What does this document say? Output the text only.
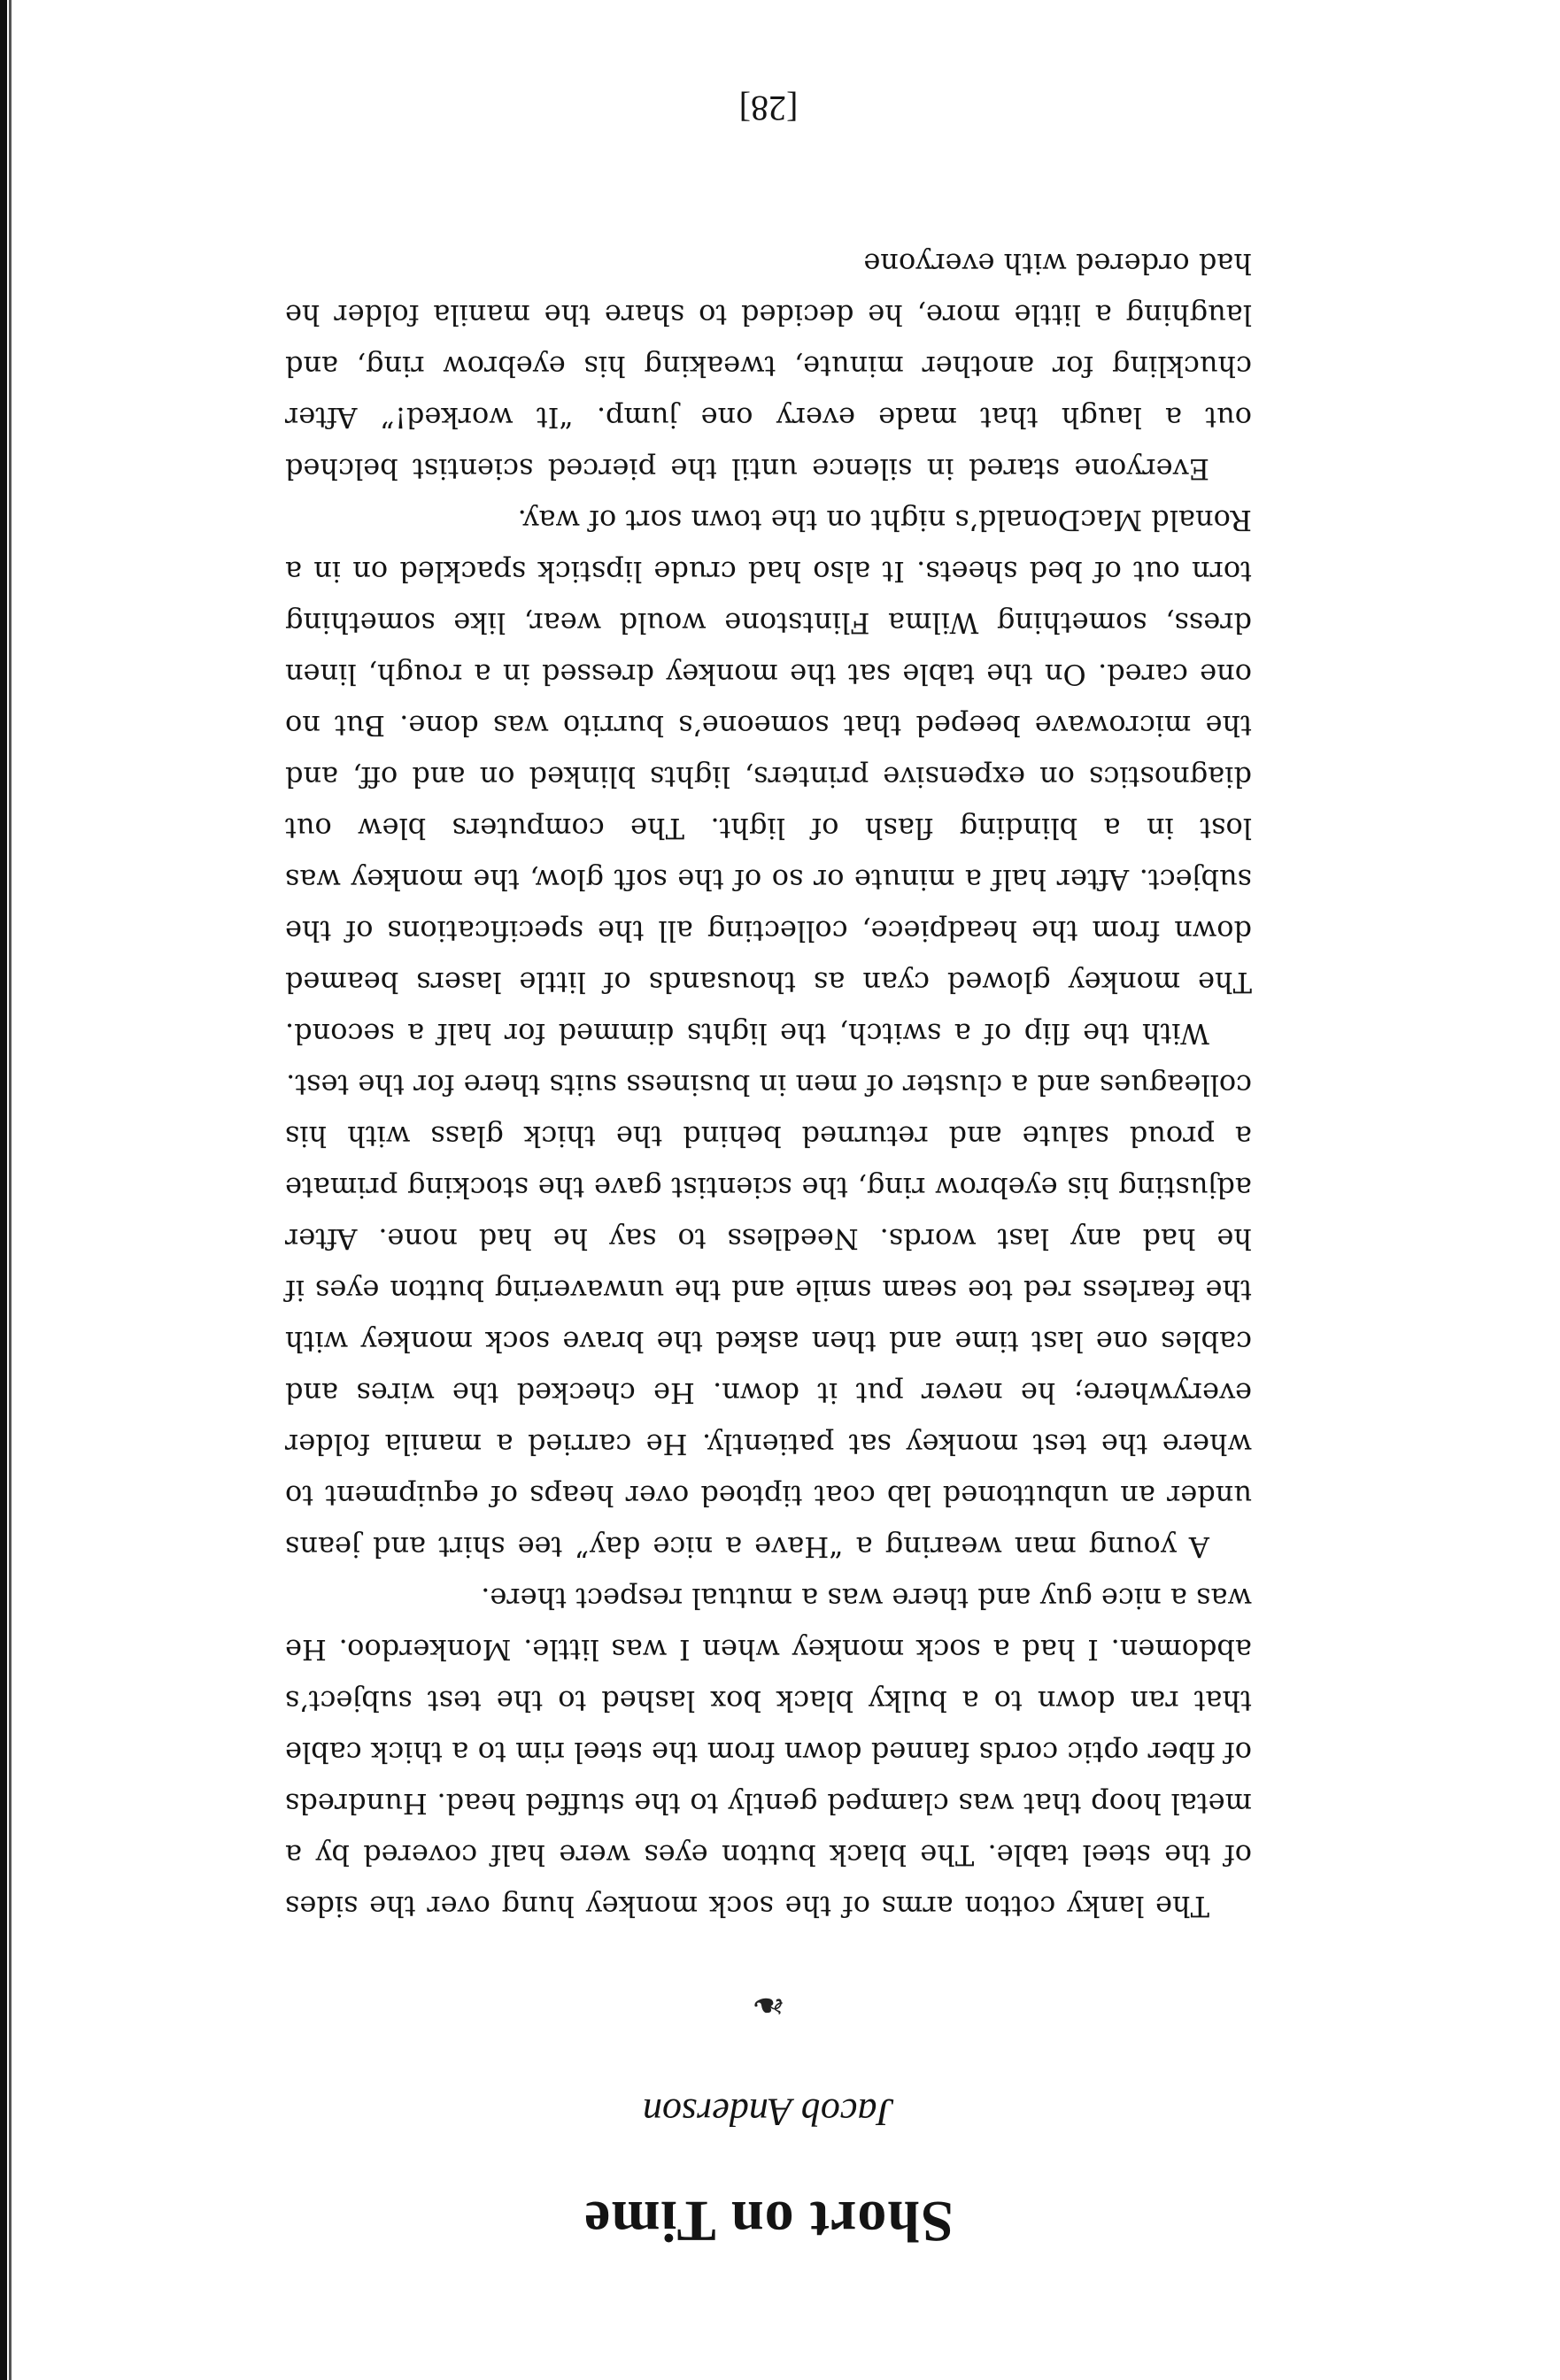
Short on Time
Jacob Anderson
❧

The lanky cotton arms of the sock monkey hung over the sides of the steel table. The black button eyes were half covered by a metal hoop that was clamped gently to the stuffed head. Hundreds of fiber optic cords fanned down from the steel rim to a thick cable that ran down to a bulky black box lashed to the test subject’s abdomen. I had a sock monkey when I was little. Monkerdoo. He was a nice guy and there was a mutual respect there.

A young man wearing a “Have a nice day” tee shirt and jeans under an unbuttoned lab coat tiptoed over heaps of equipment to where the test monkey sat patiently. He carried a manila folder everywhere; he never put it down. He checked the wires and cables one last time and then asked the brave sock monkey with the fearless red toe seam smile and the unwavering button eyes if he had any last words. Needless to say he had none. After adjusting his eyebrow ring, the scientist gave the stocking primate a proud salute and returned behind the thick glass with his colleagues and a cluster of men in business suits there for the test.

With the flip of a switch, the lights dimmed for half a second. The monkey glowed cyan as thousands of little lasers beamed down from the headpiece, collecting all the specifications of the subject. After half a minute or so of the soft glow, the monkey was lost in a blinding flash of light. The computers blew out diagnostics on expensive printers, lights blinked on and off, and the microwave beeped that someone’s burrito was done. But no one cared. On the table sat the monkey dressed in a rough, linen dress, something Wilma Flintstone would wear, like something torn out of bed sheets. It also had crude lipstick spackled on in a Ronald MacDonald’s night on the town sort of way.

Everyone stared in silence until the pierced scientist belched out a laugh that made every one jump. “It worked!” After chuckling for another minute, tweaking his eyebrow ring, and laughing a little more, he decided to share the manila folder he had ordered with everyone

[28]
